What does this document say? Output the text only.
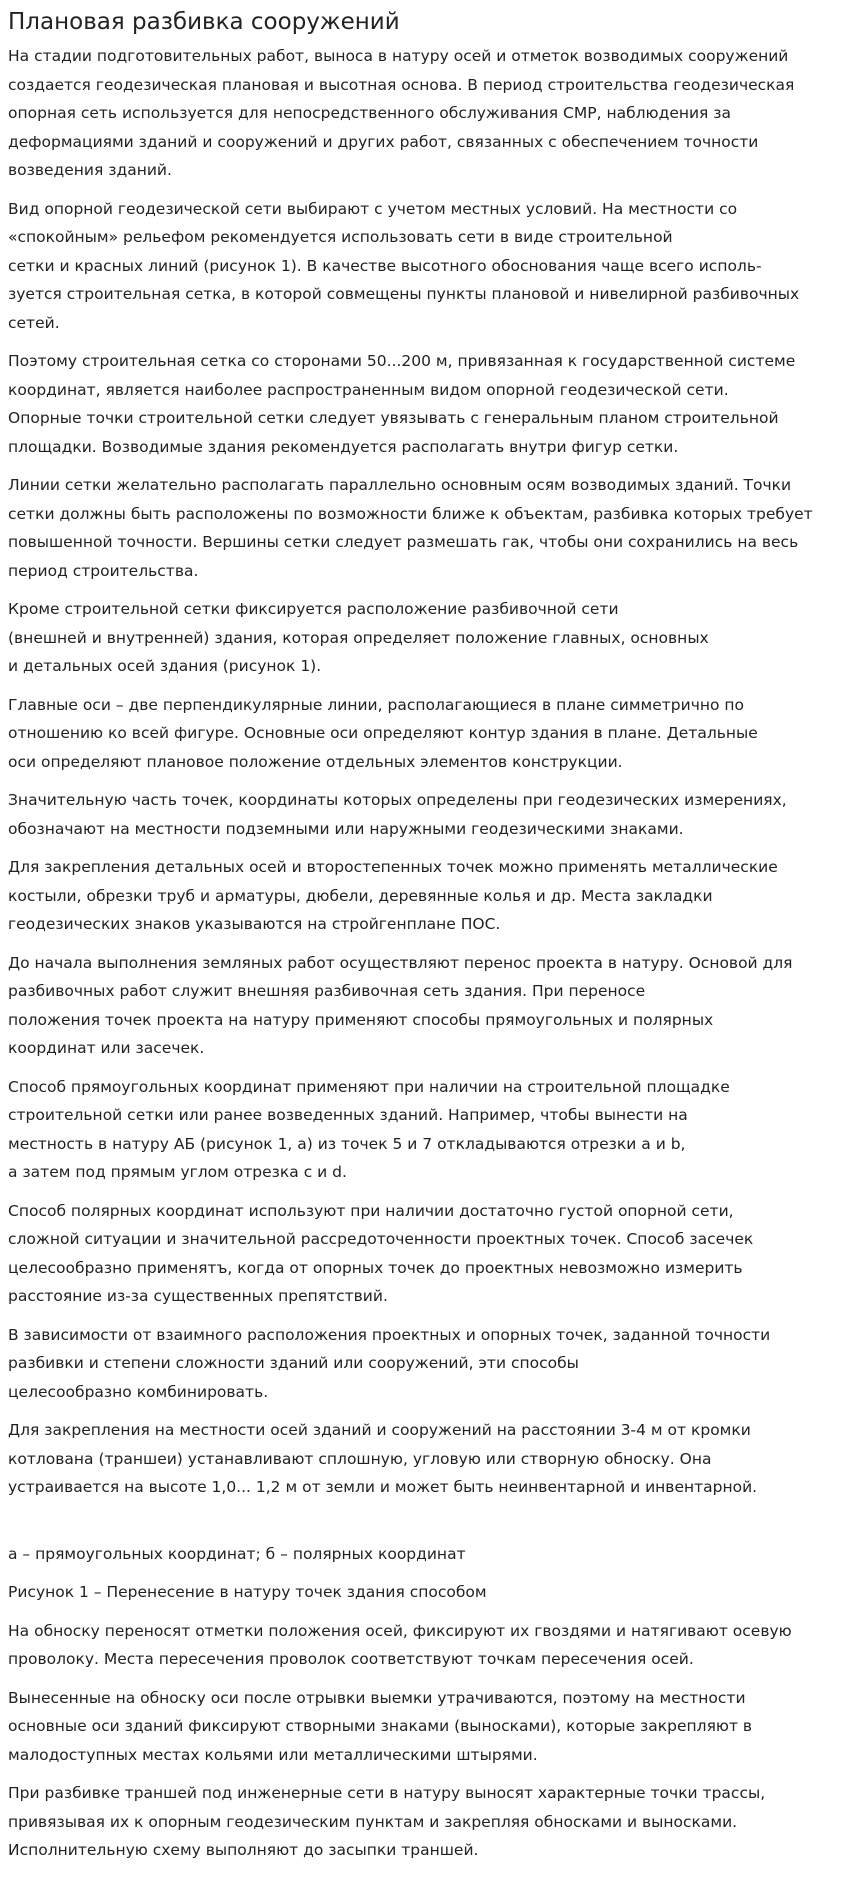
Плановая разбивка сооружений

На стадии подготовительных работ, выноса в натуру осей и отметок возводимых сооружений
создается геодезическая плановая и высотная основа. В период строительства геодезическая
опорная сеть используется для непосредственного обслуживания СМР, наблюдения за
деформациями зданий и сооружений и других работ, связанных с обеспечением точности
возведения зданий.

Вид опорной геодезической сети выбирают с учетом местных условий. На местности со
«спокойным» рельефом рекомендуется использовать сети в виде строительной
сетки и красных линий (рисунок 1). В качестве высотного обоснования чаще всего исполь-
зуется строительная сетка, в которой совмещены пункты плановой и нивелирной разбивочных
сетей.

Поэтому строительная сетка со сторонами 50...200 м, привязанная к государственной системе
координат, является наиболее распространенным видом опорной геодезической сети.
Опорные точки строительной сетки следует увязывать с генеральным планом строительной
площадки. Возводимые здания рекомендуется располагать внутри фигур сетки.

Линии сетки желательно располагать параллельно основным осям возводимых зданий. Точки
сетки должны быть расположены по возможности ближе к объектам, разбивка которых требует
повышенной точности. Вершины сетки следует размешать гак, чтобы они сохранились на весь
период строительства.

Кроме строительной сетки фиксируется расположение разбивочной сети
(внешней и внутренней) здания, которая определяет положение главных, основных
и детальных осей здания (рисунок 1).

Главные оси – две перпендикулярные линии, располагающиеся в плане симметрично по
отношению ко всей фигуре. Основные оси определяют контур здания в плане. Детальные
оси определяют плановое положение отдельных элементов конструкции.

Значительную часть точек, координаты которых определены при геодезических измерениях,
обозначают на местности подземными или наружными геодезическими знаками.

Для закрепления детальных осей и второстепенных точек можно применять металлические
костыли, обрезки труб и арматуры, дюбели, деревянные колья и др. Места закладки
геодезических знаков указываются на стройгенплане ПОС.

До начала выполнения земляных работ осуществляют перенос проекта в натуру. Основой для
разбивочных работ служит внешняя разбивочная сеть здания. При переносе
положения точек проекта на натуру применяют способы прямоугольных и полярных
координат или засечек.

Способ прямоугольных координат применяют при наличии на строительной площадке
строительной сетки или ранее возведенных зданий. Например, чтобы вынести на
местность в натуру АБ (рисунок 1, а) из точек 5 и 7 откладываются отрезки а и b,
а затем под прямым углом отрезка с и d.

Способ полярных координат используют при наличии достаточно густой опорной сети,
сложной ситуации и значительной рассредоточенности проектных точек. Способ засечек
целесообразно применятъ, когда от опорных точек до проектных невозможно измерить
расстояние из-за существенных препятствий.

В зависимости от взаимного расположения проектных и опорных точек, заданной точности
разбивки и степени сложности зданий или сооружений, эти способы
целесообразно комбинировать.

Для закрепления на местности осей зданий и сооружений на расстоянии 3-4 м от кромки
котлована (траншеи) устанавливают сплошную, угловую или створную обноску. Она
устраивается на высоте 1,0... 1,2 м от земли и может быть неинвентарной и инвентарной.

а – прямоугольных координат; б – полярных координат

Рисунок 1 – Перенесение в натуру точек здания способом

На обноску переносят отметки положения осей, фиксируют их гвоздями и натягивают осевую
проволоку. Места пересечения проволок соответствуют точкам пересечения осей.

Вынесенные на обноску оси после отрывки выемки утрачиваются, поэтому на местности
основные оси зданий фиксируют створными знаками (выносками), которые закрепляют в
малодоступных местах кольями или металлическими штырями.

При разбивке траншей под инженерные сети в натуру выносят характерные точки трассы,
привязывая их к опорным геодезическим пунктам и закрепляя обносками и выносками.
Исполнительную схему выполняют до засыпки траншей.
